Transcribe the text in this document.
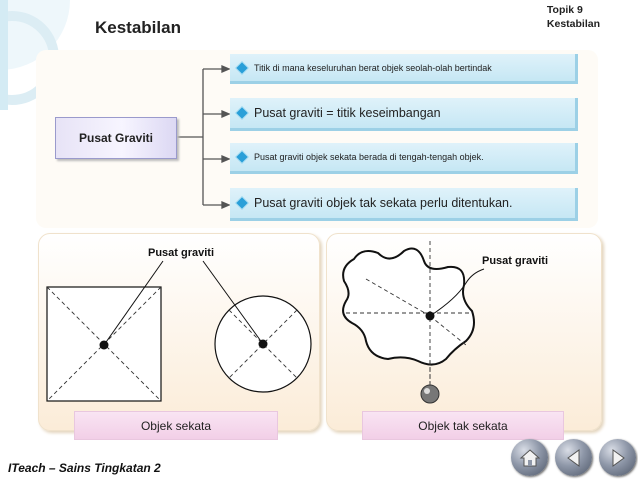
Kestabilan
Topik 9
Kestabilan
Pusat Graviti
Titik di mana keseluruhan berat objek seolah-olah bertindak
Pusat graviti = titik keseimbangan
Pusat graviti objek sekata berada di tengah-tengah objek.
Pusat graviti objek tak sekata perlu ditentukan.
Pusat graviti
Pusat graviti
Objek sekata	Objek tak sekata
ITeach – Sains Tingkatan 2
